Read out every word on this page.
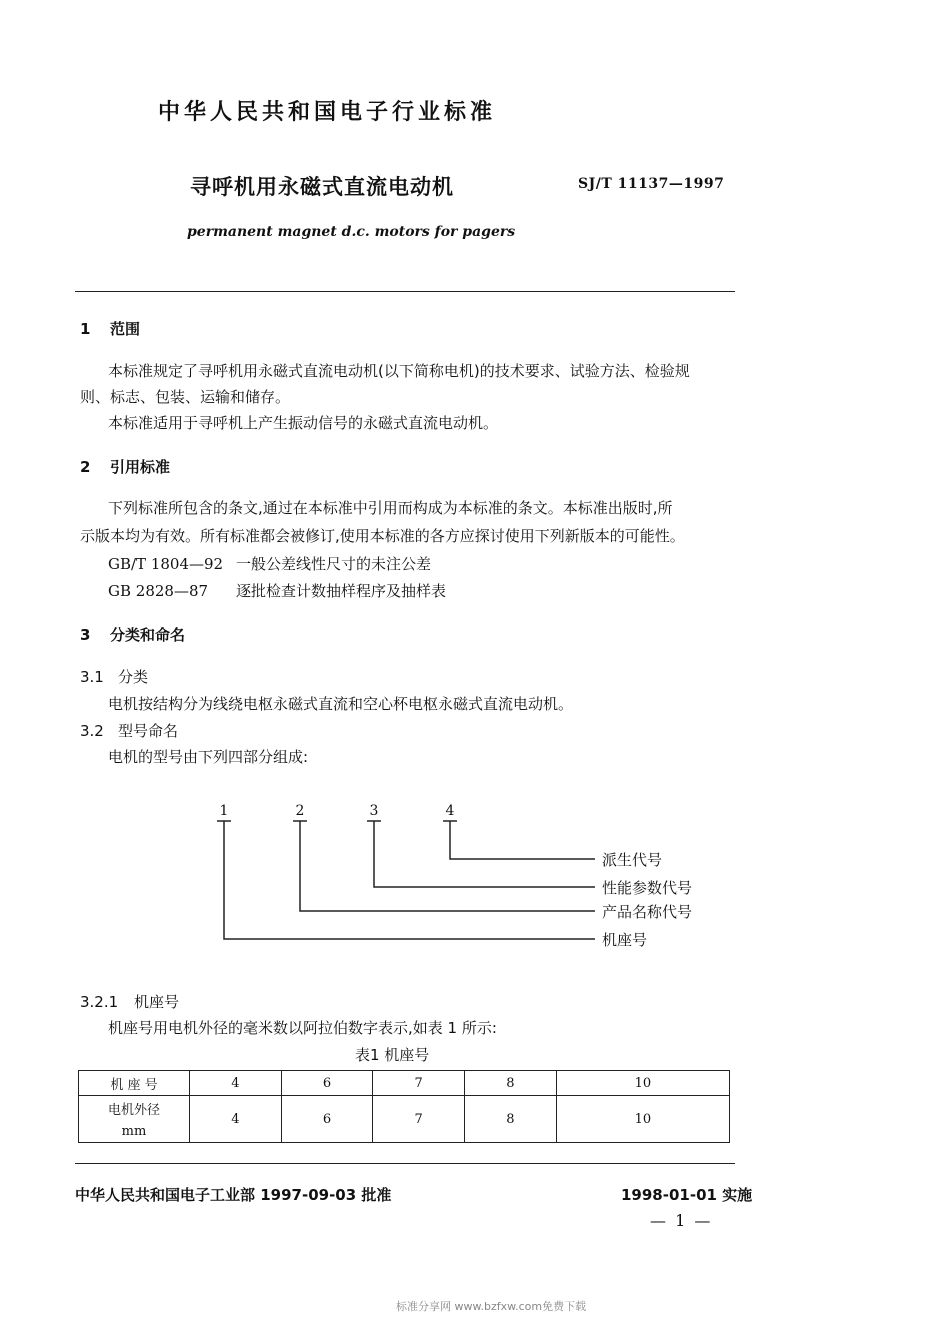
中华人民共和国电子行业标准
寻呼机用永磁式直流电动机	SJ/T 11137—1997
permanent magnet d.c. motors for pagers
1 范围
本标准规定了寻呼机用永磁式直流电动机(以下简称电机)的技术要求、试验方法、检验规
则、标志、包装、运输和储存。
本标准适用于寻呼机上产生振动信号的永磁式直流电动机。
2 引用标准
下列标准所包含的条文,通过在本标准中引用而构成为本标准的条文。本标准出版时,所
示版本均为有效。所有标准都会被修订,使用本标准的各方应探讨使用下列新版本的可能性。
GB/T 1804—92 一般公差线性尺寸的未注公差
GB 2828—87 逐批检查计数抽样程序及抽样表
3 分类和命名
3.1 分类
电机按结构分为线绕电枢永磁式直流和空心杯电枢永磁式直流电动机。
3.2 型号命名
电机的型号由下列四部分组成:
1	2	3	4
派生代号
性能参数代号
产品名称代号
机座号
3.2.1 机座号
机座号用电机外径的毫米数以阿拉伯数字表示,如表 1 所示:
表1 机座号
机 座 号	4	6	7	8	10

电机外径
mm	4	6	7	8	10
中华人民共和国电子工业部 1997-09-03 批准	1998-01-01 实施
— 1 —
标准分享网 www.bzfxw.com免费下载
